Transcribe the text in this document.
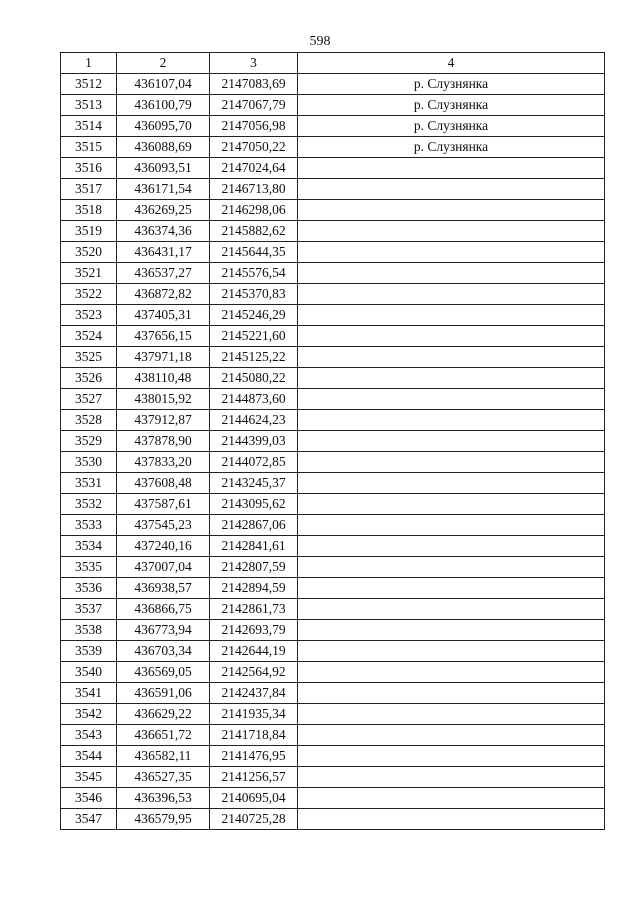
598
1	2	3	4
3512	436107,04	2147083,69	р. Слузнянка
3513	436100,79	2147067,79	р. Слузнянка
3514	436095,70	2147056,98	р. Слузнянка
3515	436088,69	2147050,22	р. Слузнянка
3516	436093,51	2147024,64	
3517	436171,54	2146713,80	
3518	436269,25	2146298,06	
3519	436374,36	2145882,62	
3520	436431,17	2145644,35	
3521	436537,27	2145576,54	
3522	436872,82	2145370,83	
3523	437405,31	2145246,29	
3524	437656,15	2145221,60	
3525	437971,18	2145125,22	
3526	438110,48	2145080,22	
3527	438015,92	2144873,60	
3528	437912,87	2144624,23	
3529	437878,90	2144399,03	
3530	437833,20	2144072,85	
3531	437608,48	2143245,37	
3532	437587,61	2143095,62	
3533	437545,23	2142867,06	
3534	437240,16	2142841,61	
3535	437007,04	2142807,59	
3536	436938,57	2142894,59	
3537	436866,75	2142861,73	
3538	436773,94	2142693,79	
3539	436703,34	2142644,19	
3540	436569,05	2142564,92	
3541	436591,06	2142437,84	
3542	436629,22	2141935,34	
3543	436651,72	2141718,84	
3544	436582,11	2141476,95	
3545	436527,35	2141256,57	
3546	436396,53	2140695,04	
3547	436579,95	2140725,28	
